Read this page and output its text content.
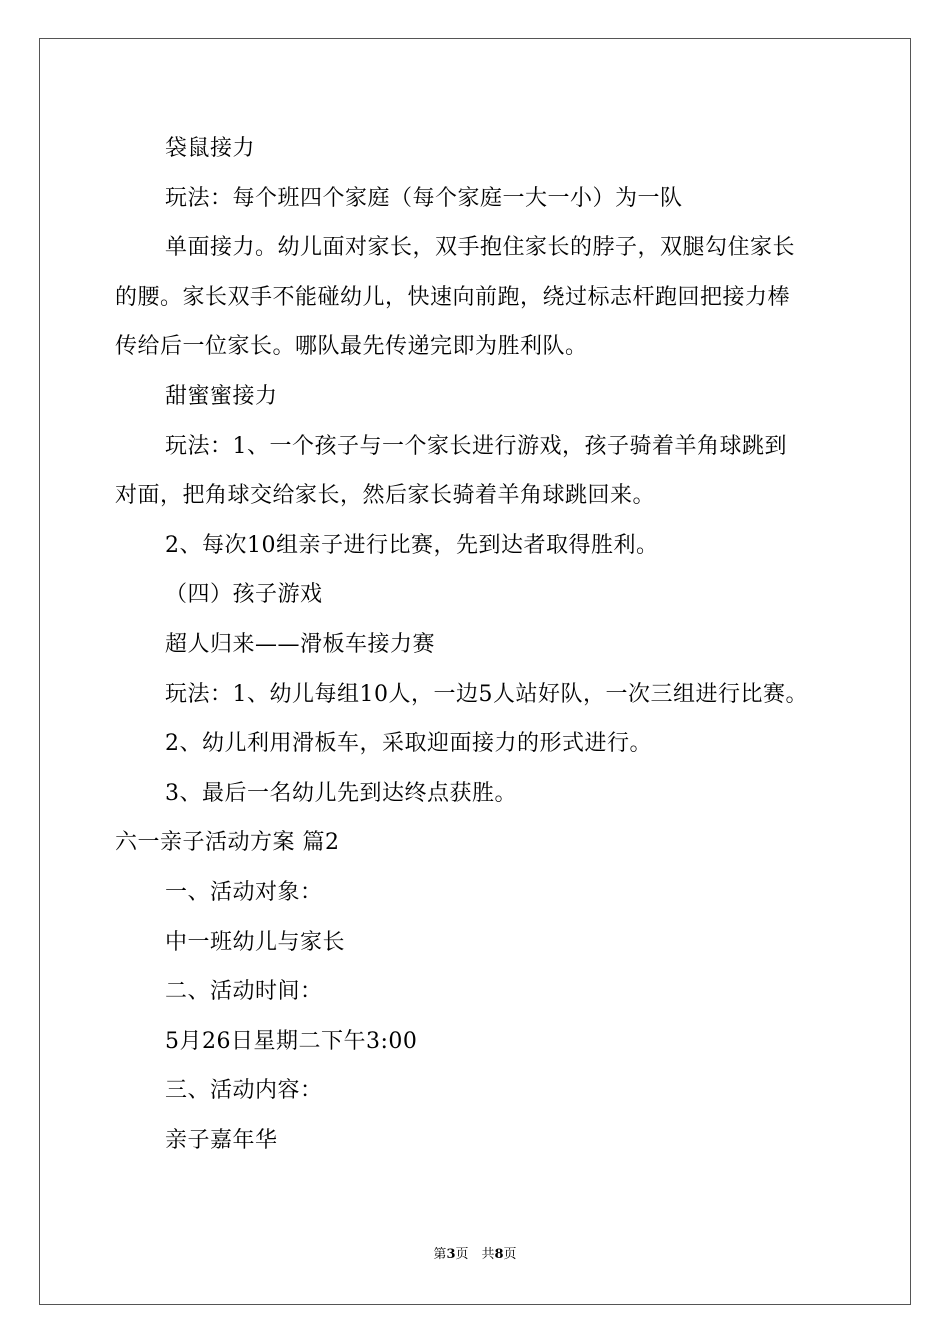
袋鼠接力
玩法：每个班四个家庭（每个家庭一大一小）为一队
单面接力。幼儿面对家长，双手抱住家长的脖子，双腿勾住家长
的腰。家长双手不能碰幼儿，快速向前跑，绕过标志杆跑回把接力棒
传给后一位家长。哪队最先传递完即为胜利队。
甜蜜蜜接力
玩法：1、一个孩子与一个家长进行游戏，孩子骑着羊角球跳到
对面，把角球交给家长，然后家长骑着羊角球跳回来。
2、每次10组亲子进行比赛，先到达者取得胜利。
（四）孩子游戏
超人归来——滑板车接力赛
玩法：1、幼儿每组10人，一边5人站好队，一次三组进行比赛。
2、幼儿利用滑板车，采取迎面接力的形式进行。
3、最后一名幼儿先到达终点获胜。
六一亲子活动方案 篇2
一、活动对象：
中一班幼儿与家长
二、活动时间：
5月26日星期二下午3:00
三、活动内容：
亲子嘉年华
第3页　共8页
